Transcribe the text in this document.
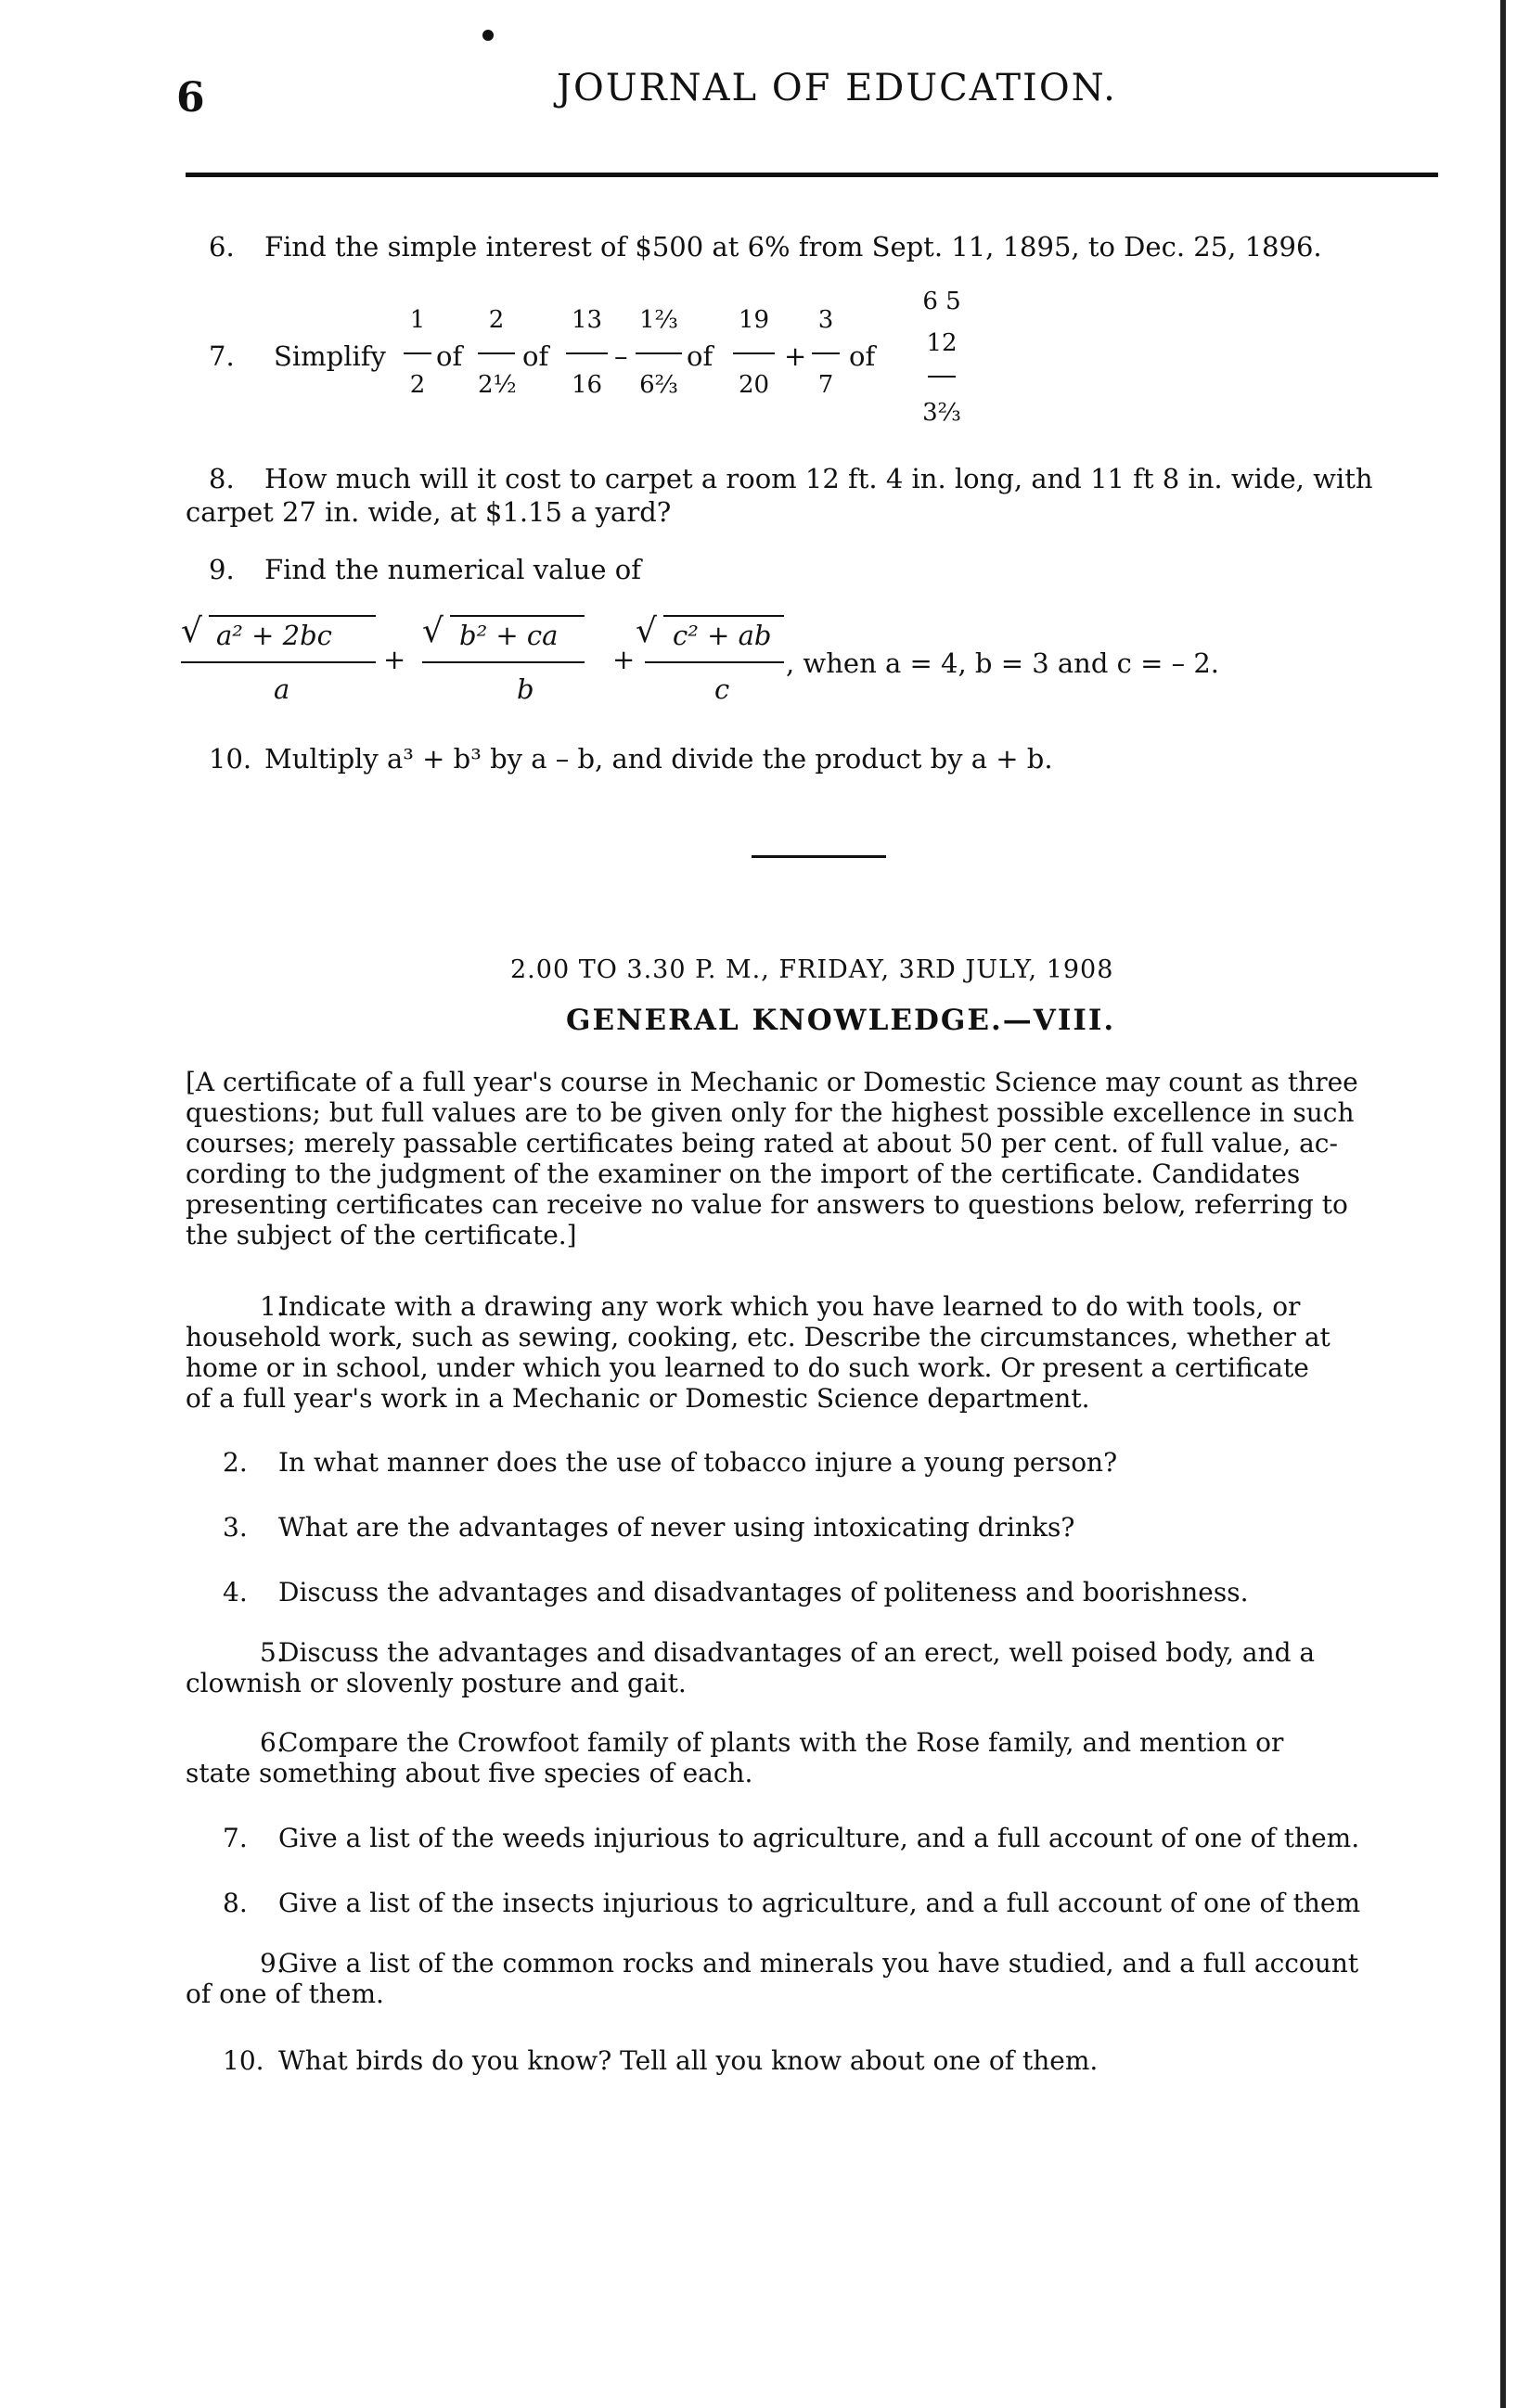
6	JOURNAL OF EDUCATION.
6. Find the simple interest of $500 at 6% from Sept. 11, 1895, to Dec. 25, 1896.
7. Simplify
1
2
of
2
2½
of
13
16
–
1⅔
6⅔
of
19
20
+
3
7
of
6 5
12
3⅔
8. How much will it cost to carpet a room 12 ft. 4 in. long, and 11 ft 8 in. wide, with
carpet 27 in. wide, at $1.15 a yard?
9. Find the numerical value of
√ a² + 2bc
a
+
√ b² + ca
b
+
√ c² + ab
c
, when a = 4, b = 3 and c = – 2.
10. Multiply a³ + b³ by a – b, and divide the product by a + b.
2.00 TO 3.30 P. M., FRIDAY, 3RD JULY, 1908
GENERAL KNOWLEDGE.—VIII.
[A certificate of a full year's course in Mechanic or Domestic Science may count as three
questions; but full values are to be given only for the highest possible excellence in such
courses; merely passable certificates being rated at about 50 per cent. of full value, ac-
cording to the judgment of the examiner on the import of the certificate. Candidates
presenting certificates can receive no value for answers to questions below, referring to
the subject of the certificate.]
1.Indicate with a drawing any work which you have learned to do with tools, or
household work, such as sewing, cooking, etc. Describe the circumstances, whether at
home or in school, under which you learned to do such work. Or present a certificate
of a full year's work in a Mechanic or Domestic Science department.
2. In what manner does the use of tobacco injure a young person?
3. What are the advantages of never using intoxicating drinks?
4. Discuss the advantages and disadvantages of politeness and boorishness.
5.Discuss the advantages and disadvantages of an erect, well poised body, and a
clownish or slovenly posture and gait.
6.Compare the Crowfoot family of plants with the Rose family, and mention or
state something about five species of each.
7. Give a list of the weeds injurious to agriculture, and a full account of one of them.
8. Give a list of the insects injurious to agriculture, and a full account of one of them
9.Give a list of the common rocks and minerals you have studied, and a full account
of one of them.
10. What birds do you know? Tell all you know about one of them.
